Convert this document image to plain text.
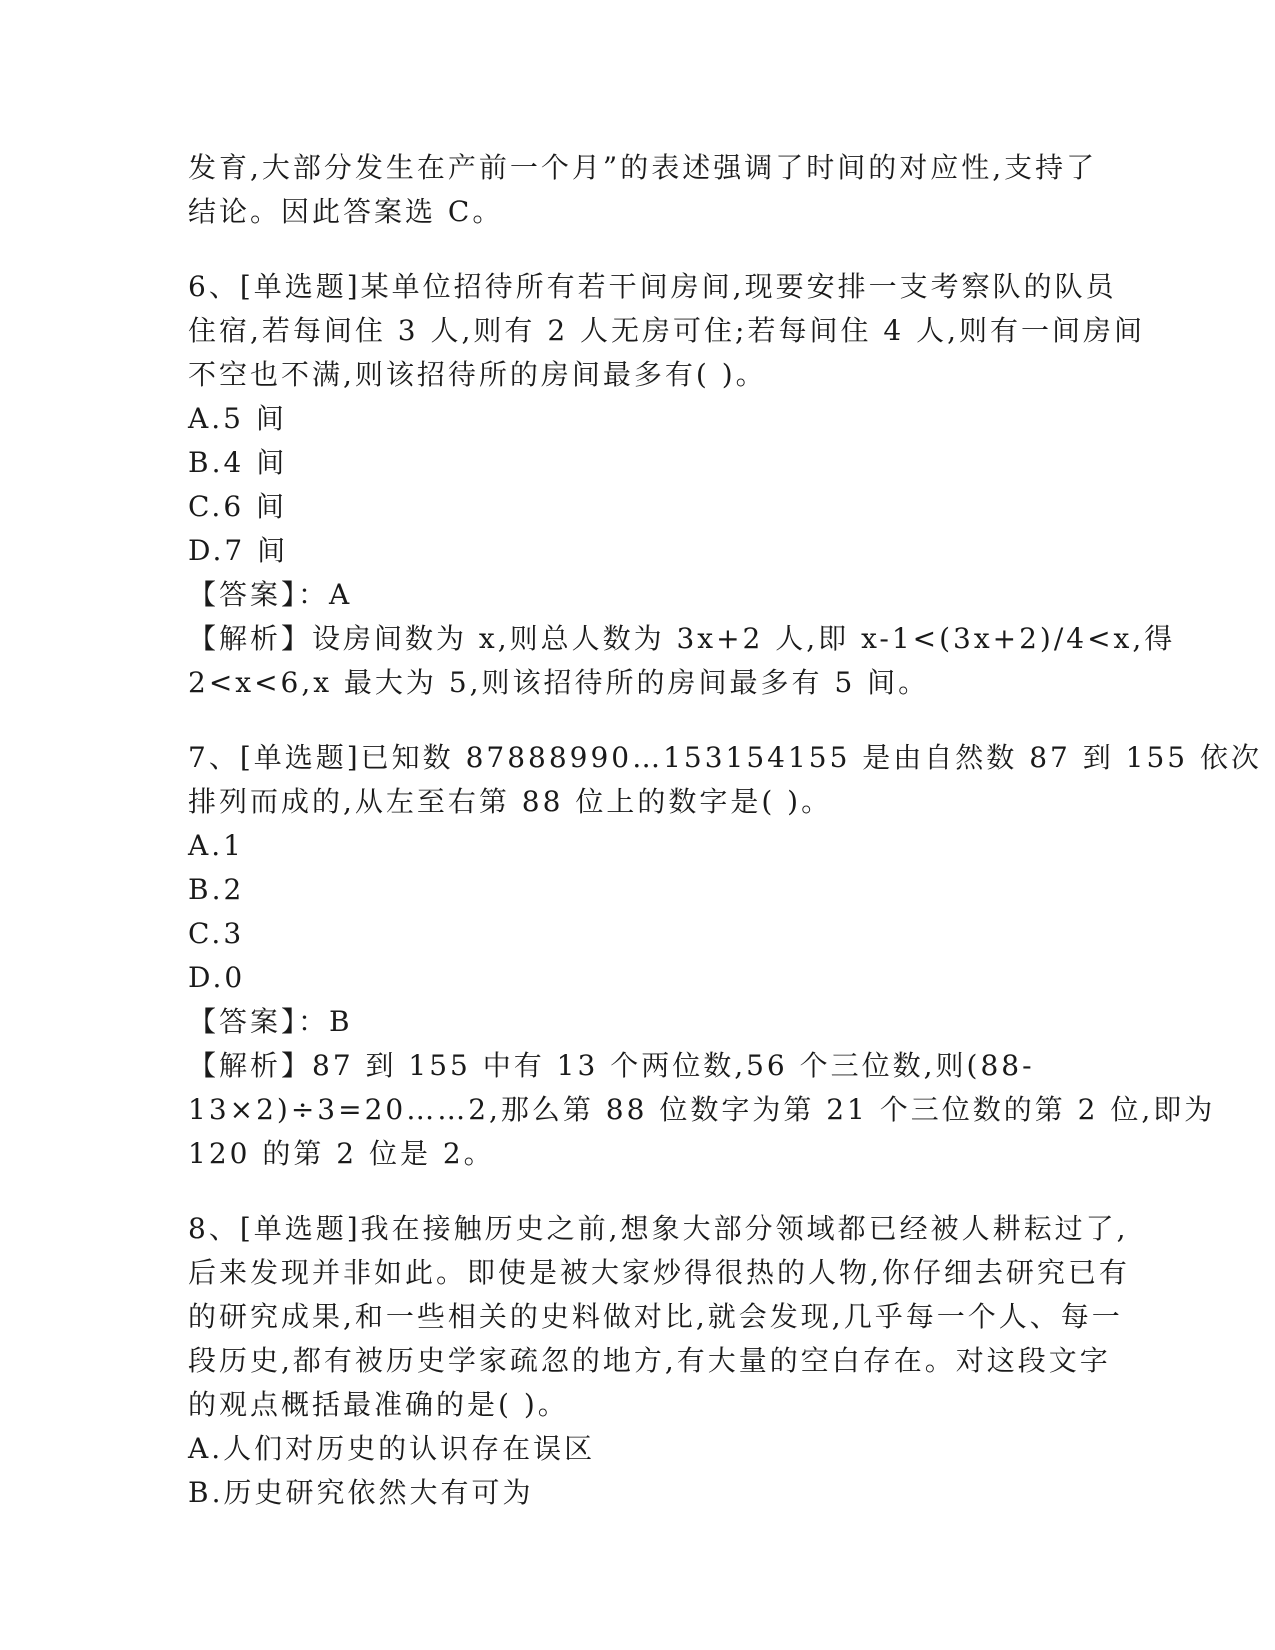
发育,大部分发生在产前一个月”的表述强调了时间的对应性,支持了
结论。因此答案选 C。
6、[单选题]某单位招待所有若干间房间,现要安排一支考察队的队员
住宿,若每间住 3 人,则有 2 人无房可住;若每间住 4 人,则有一间房间
不空也不满,则该招待所的房间最多有( )。
A.5 间
B.4 间
C.6 间
D.7 间
【答案】：A
【解析】设房间数为 x,则总人数为 3x+2 人,即 x-1<(3x+2)/4<x,得
2<x<6,x 最大为 5,则该招待所的房间最多有 5 间。
7、[单选题]已知数 87888990…153154155 是由自然数 87 到 155 依次
排列而成的,从左至右第 88 位上的数字是( )。
A.1
B.2
C.3
D.0
【答案】：B
【解析】87 到 155 中有 13 个两位数,56 个三位数,则(88-
13×2)÷3=20……2,那么第 88 位数字为第 21 个三位数的第 2 位,即为
120 的第 2 位是 2。
8、[单选题]我在接触历史之前,想象大部分领域都已经被人耕耘过了,
后来发现并非如此。即使是被大家炒得很热的人物,你仔细去研究已有
的研究成果,和一些相关的史料做对比,就会发现,几乎每一个人、每一
段历史,都有被历史学家疏忽的地方,有大量的空白存在。对这段文字
的观点概括最准确的是( )。
A.人们对历史的认识存在误区
B.历史研究依然大有可为
